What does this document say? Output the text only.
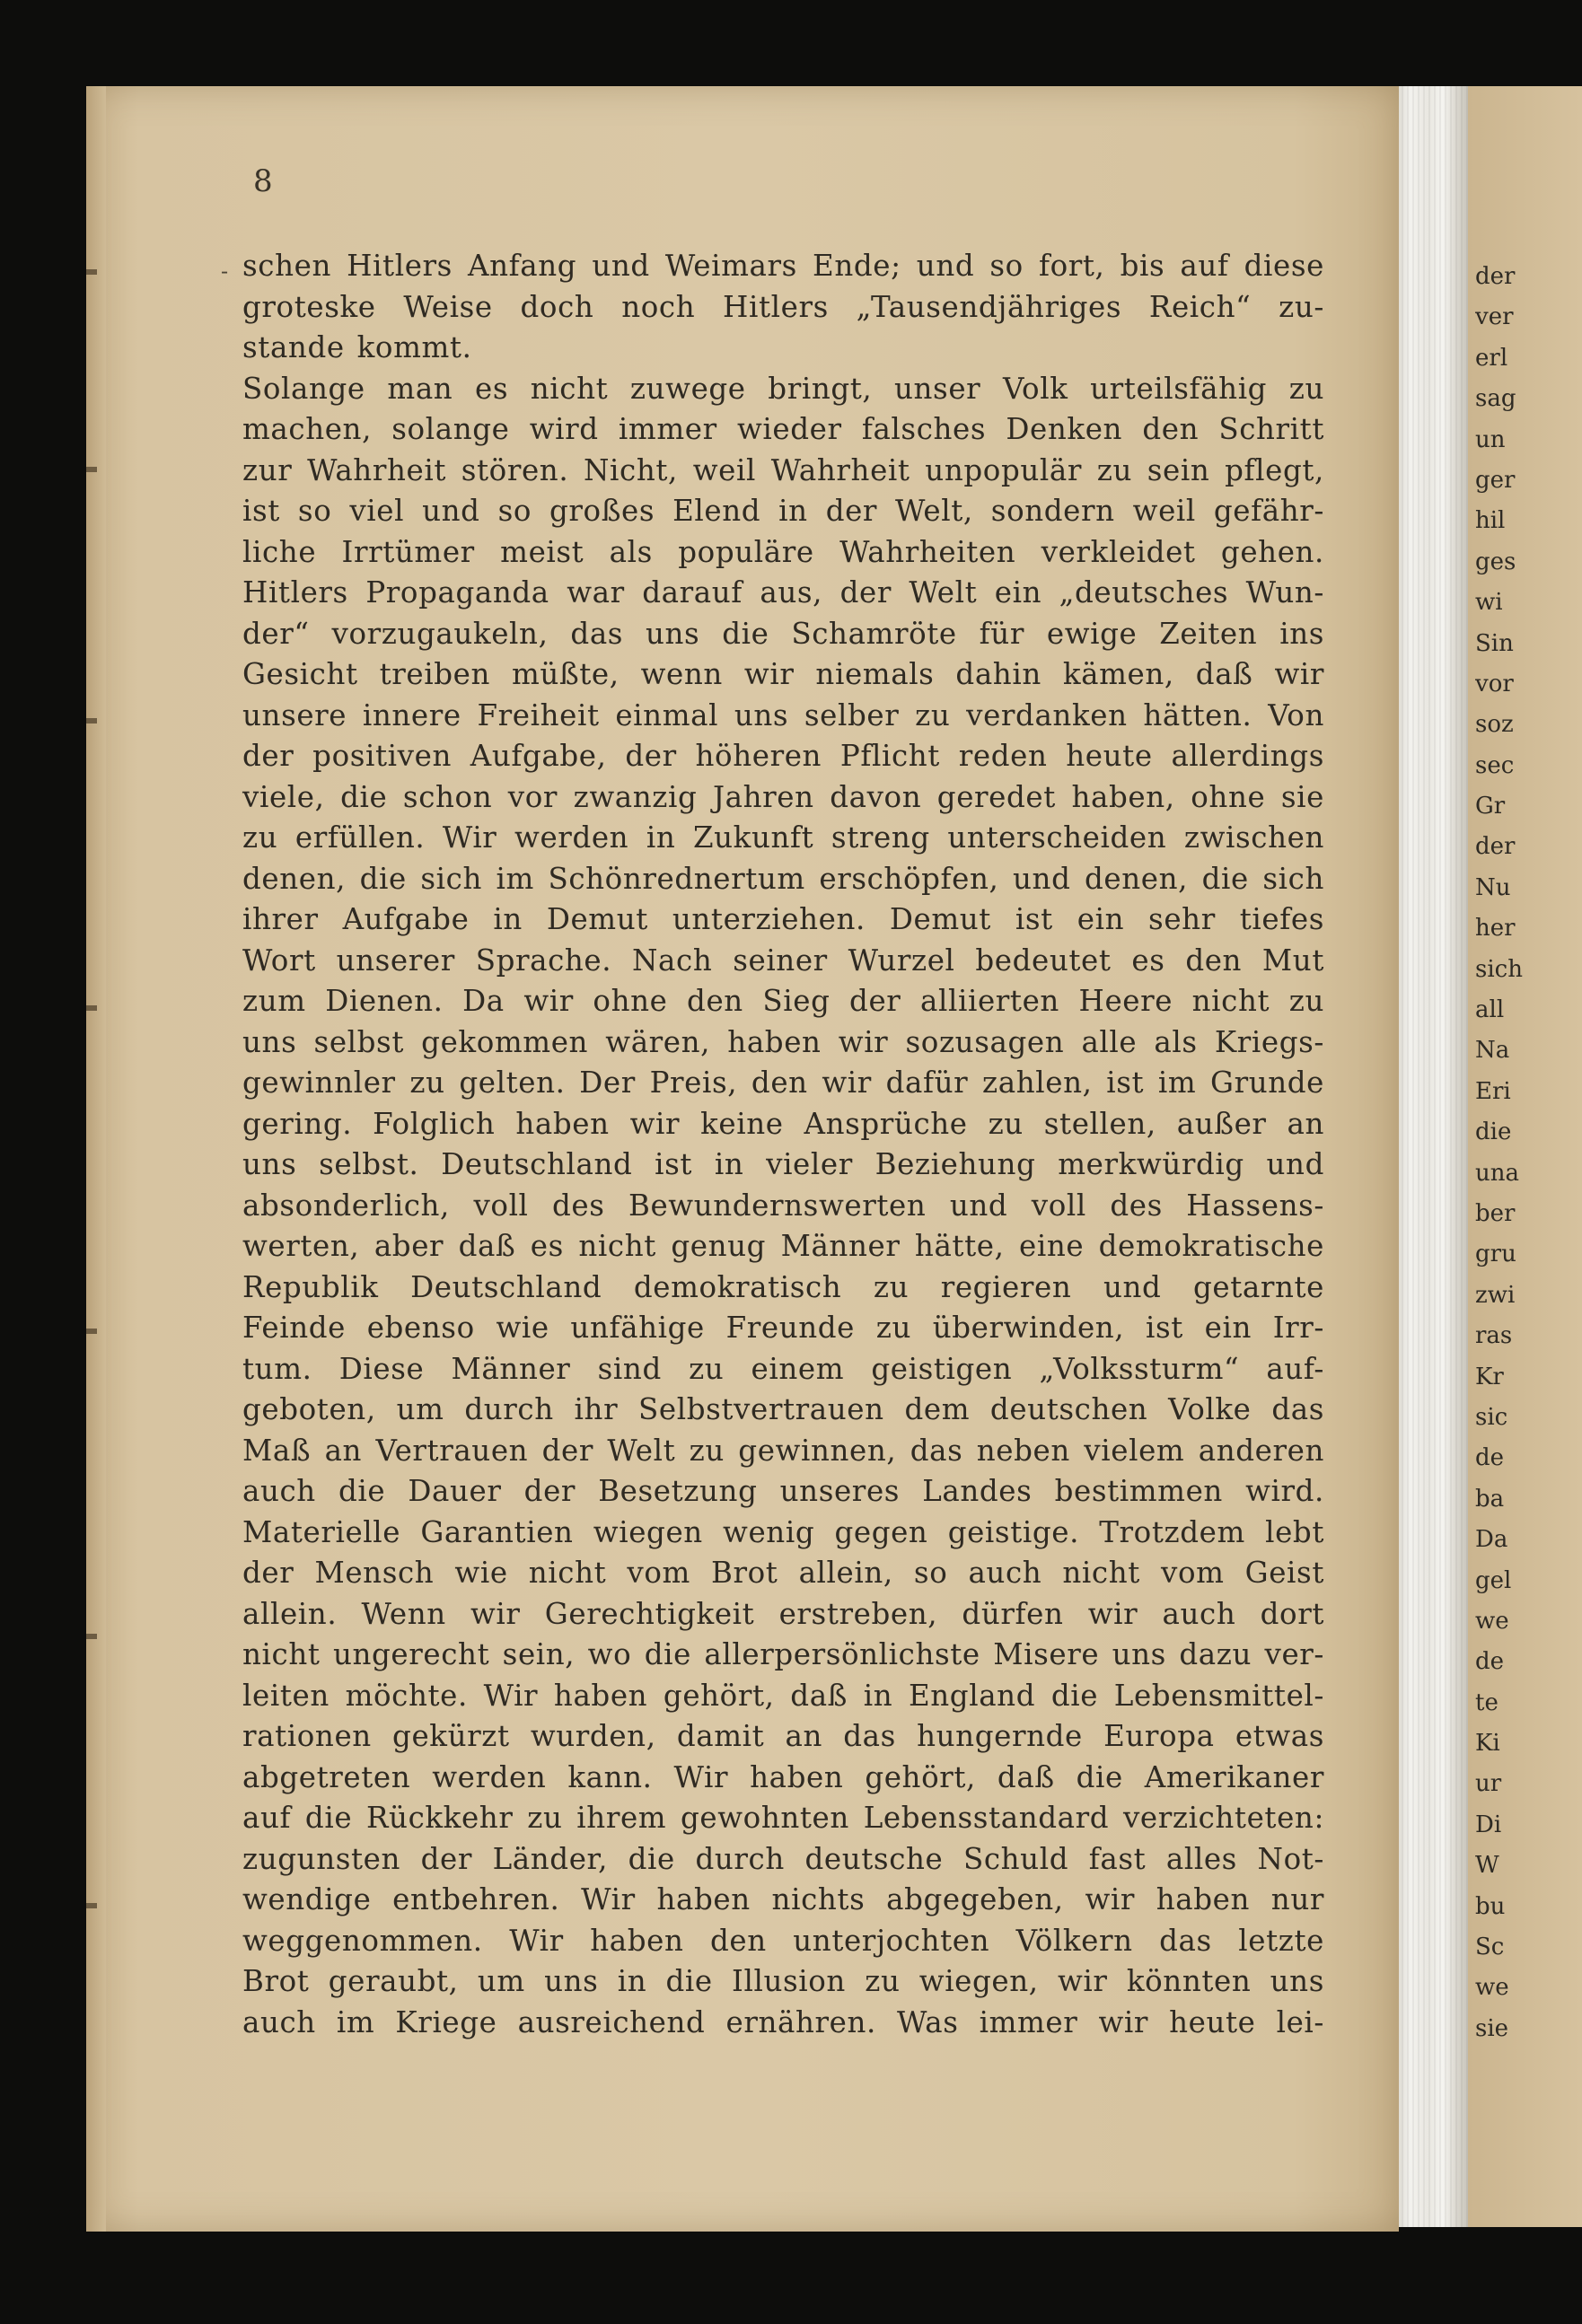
der
ver
erl
sag
un
ger
hil
ges
wi
Sin
vor
soz
sec
Gr
der
Nu
her
sich
all
Na
Eri
die
una
ber
gru
zwi
ras
Kr
sic
de
ba
Da
gel
we
de
te
Ki
ur
Di
W
bu
Sc
we
sie
8
- schen Hitlers Anfang und Weimars Ende; und so fort, bis auf diese
groteske Weise doch noch Hitlers „Tausendjähriges Reich“ zu-
stande kommt.
Solange man es nicht zuwege bringt, unser Volk urteilsfähig zu
machen, solange wird immer wieder falsches Denken den Schritt
zur Wahrheit stören. Nicht, weil Wahrheit unpopulär zu sein pflegt,
ist so viel und so großes Elend in der Welt, sondern weil gefähr-
liche Irrtümer meist als populäre Wahrheiten verkleidet gehen.
Hitlers Propaganda war darauf aus, der Welt ein „deutsches Wun-
der“ vorzugaukeln, das uns die Schamröte für ewige Zeiten ins
Gesicht treiben müßte, wenn wir niemals dahin kämen, daß wir
unsere innere Freiheit einmal uns selber zu verdanken hätten. Von
der positiven Aufgabe, der höheren Pflicht reden heute allerdings
viele, die schon vor zwanzig Jahren davon geredet haben, ohne sie
zu erfüllen. Wir werden in Zukunft streng unterscheiden zwischen
denen, die sich im Schönrednertum erschöpfen, und denen, die sich
ihrer Aufgabe in Demut unterziehen. Demut ist ein sehr tiefes
Wort unserer Sprache. Nach seiner Wurzel bedeutet es den Mut
zum Dienen. Da wir ohne den Sieg der alliierten Heere nicht zu
uns selbst gekommen wären, haben wir sozusagen alle als Kriegs-
gewinnler zu gelten. Der Preis, den wir dafür zahlen, ist im Grunde
gering. Folglich haben wir keine Ansprüche zu stellen, außer an
uns selbst. Deutschland ist in vieler Beziehung merkwürdig und
absonderlich, voll des Bewundernswerten und voll des Hassens-
werten, aber daß es nicht genug Männer hätte, eine demokratische
Republik Deutschland demokratisch zu regieren und getarnte
Feinde ebenso wie unfähige Freunde zu überwinden, ist ein Irr-
tum. Diese Männer sind zu einem geistigen „Volkssturm“ auf-
geboten, um durch ihr Selbstvertrauen dem deutschen Volke das
Maß an Vertrauen der Welt zu gewinnen, das neben vielem anderen
auch die Dauer der Besetzung unseres Landes bestimmen wird.
Materielle Garantien wiegen wenig gegen geistige. Trotzdem lebt
der Mensch wie nicht vom Brot allein, so auch nicht vom Geist
allein. Wenn wir Gerechtigkeit erstreben, dürfen wir auch dort
nicht ungerecht sein, wo die allerpersönlichste Misere uns dazu ver-
leiten möchte. Wir haben gehört, daß in England die Lebensmittel-
rationen gekürzt wurden, damit an das hungernde Europa etwas
abgetreten werden kann. Wir haben gehört, daß die Amerikaner
auf die Rückkehr zu ihrem gewohnten Lebensstandard verzichteten:
zugunsten der Länder, die durch deutsche Schuld fast alles Not-
wendige entbehren. Wir haben nichts abgegeben, wir haben nur
weggenommen. Wir haben den unterjochten Völkern das letzte
Brot geraubt, um uns in die Illusion zu wiegen, wir könnten uns
auch im Kriege ausreichend ernähren. Was immer wir heute lei-
